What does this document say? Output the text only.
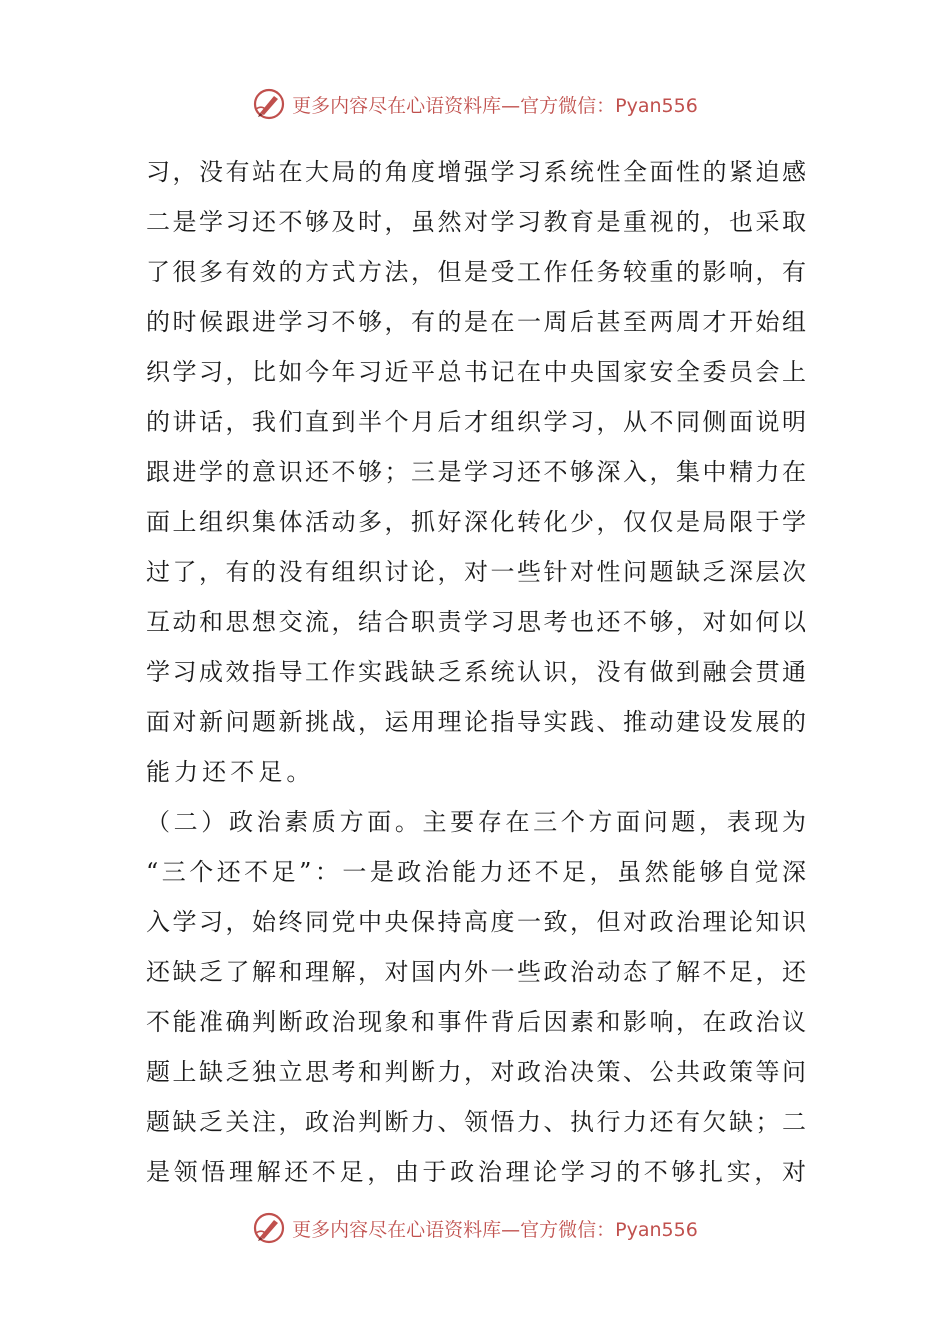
更多内容尽在心语资料库—官方微信：Pyan556
习，没有站在大局的角度增强学习系统性全面性的紧迫感
二是学习还不够及时，虽然对学习教育是重视的，也采取
了很多有效的方式方法，但是受工作任务较重的影响，有
的时候跟进学习不够，有的是在一周后甚至两周才开始组
织学习，比如今年习近平总书记在中央国家安全委员会上
的讲话，我们直到半个月后才组织学习，从不同侧面说明
跟进学的意识还不够；三是学习还不够深入，集中精力在
面上组织集体活动多，抓好深化转化少，仅仅是局限于学
过了，有的没有组织讨论，对一些针对性问题缺乏深层次
互动和思想交流，结合职责学习思考也还不够，对如何以
学习成效指导工作实践缺乏系统认识，没有做到融会贯通
面对新问题新挑战，运用理论指导实践、推动建设发展的
能力还不足。
（二）政治素质方面。主要存在三个方面问题，表现为
“三个还不足”：一是政治能力还不足，虽然能够自觉深
入学习，始终同党中央保持高度一致，但对政治理论知识
还缺乏了解和理解，对国内外一些政治动态了解不足，还
不能准确判断政治现象和事件背后因素和影响，在政治议
题上缺乏独立思考和判断力，对政治决策、公共政策等问
题缺乏关注，政治判断力、领悟力、执行力还有欠缺；二
是领悟理解还不足，由于政治理论学习的不够扎实，对
更多内容尽在心语资料库—官方微信：Pyan556
